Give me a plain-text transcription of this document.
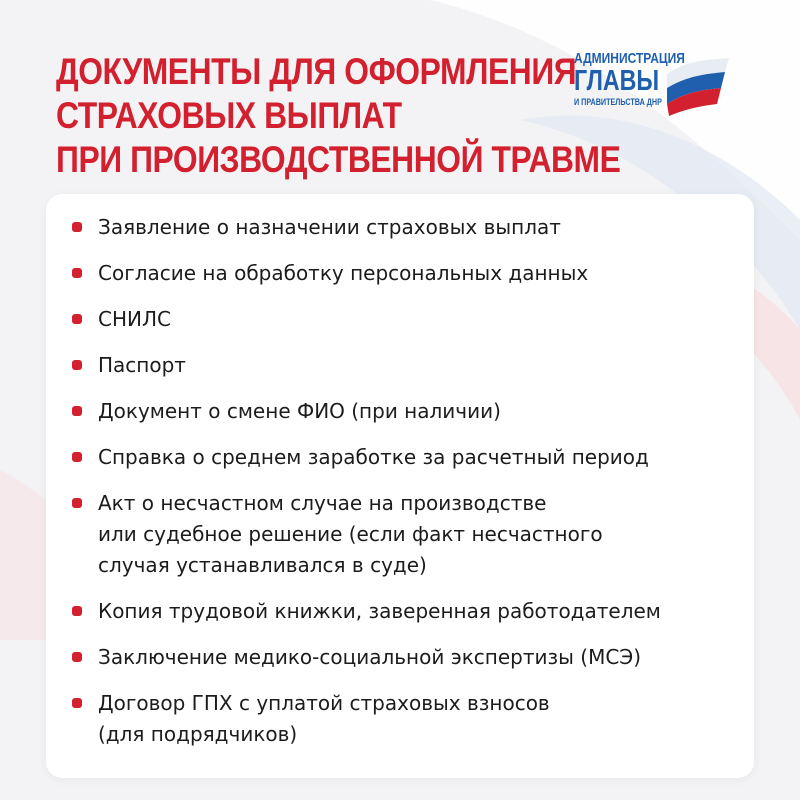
ДОКУМЕНТЫ ДЛЯ ОФОРМЛЕНИЯ
СТРАХОВЫХ ВЫПЛАТ
ПРИ ПРОИЗВОДСТВЕННОЙ ТРАВМЕ
АДМИНИСТРАЦИЯ
ГЛАВЫ
И ПРАВИТЕЛЬСТВА ДНР
Заявление о назначении страховых выплат
Согласие на обработку персональных данных
СНИЛС
Паспорт
Документ о смене ФИО (при наличии)
Справка о среднем заработке за расчетный период
Акт о несчастном случае на производстве
или судебное решение (если факт несчастного
случая устанавливался в суде)
Копия трудовой книжки, заверенная работодателем
Заключение медико-социальной экспертизы (МСЭ)
Договор ГПХ с уплатой страховых взносов
(для подрядчиков)
